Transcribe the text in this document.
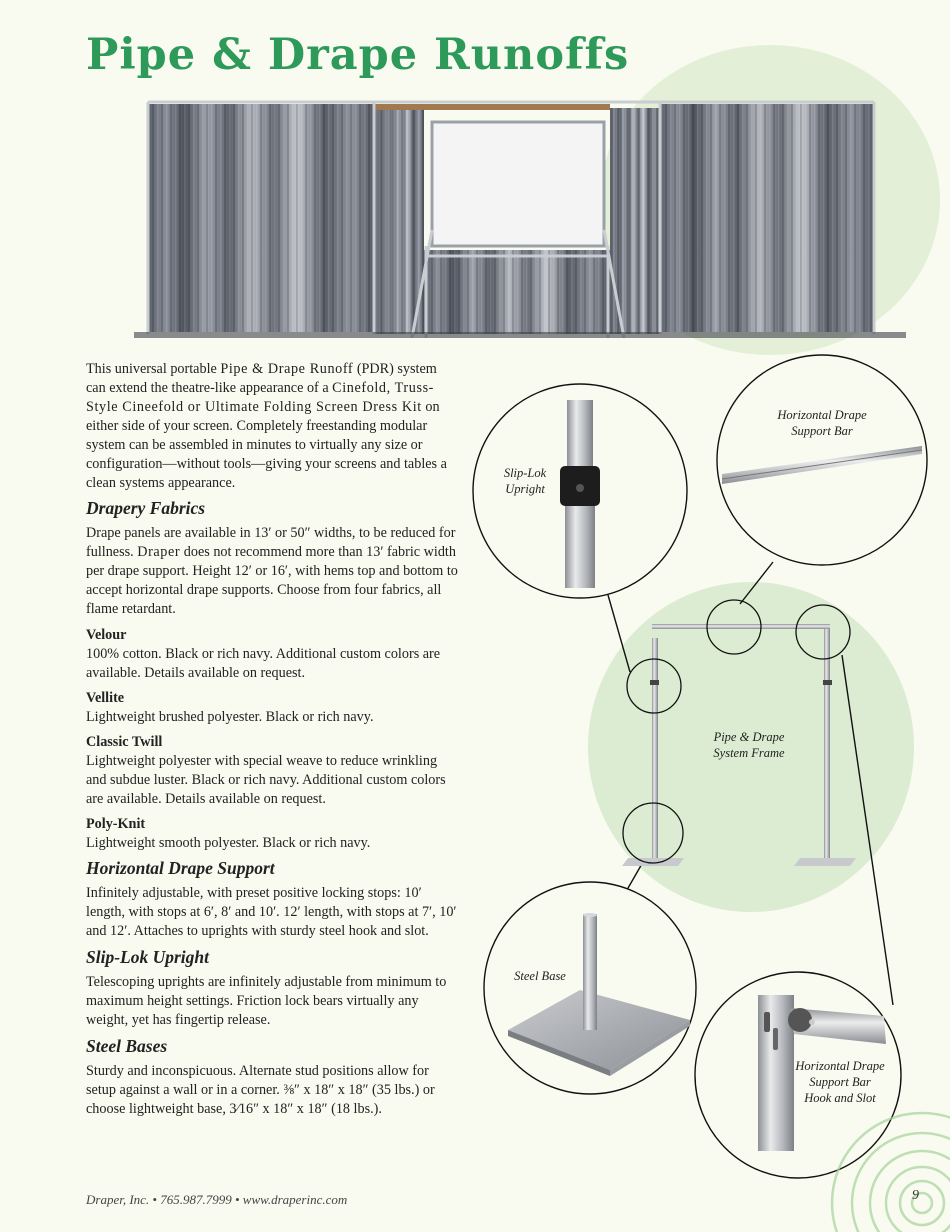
Pipe & Drape Runoffs

This universal portable Pipe & Drape Runoff (PDR) system can extend the theatre-like appearance of a Cinefold, Truss-Style Cineefold or Ultimate Folding Screen Dress Kit on either side of your screen. Completely freestanding modular system can be assembled in minutes to virtually any size or configuration—without tools—giving your screens and tables a clean systems appearance.

Drapery Fabrics

Drape panels are available in 13′ or 50″ widths, to be reduced for fullness. Draper does not recommend more than 13′ fabric width per drape support. Height 12′ or 16′, with hems top and bottom to accept horizontal drape supports. Choose from four fabrics, all flame retardant.

Velour
100% cotton. Black or rich navy. Additional custom colors are available. Details available on request.
Vellite
Lightweight brushed polyester. Black or rich navy.
Classic Twill
Lightweight polyester with special weave to reduce wrinkling and subdue luster. Black or rich navy. Additional custom colors are available. Details available on request.
Poly-Knit
Lightweight smooth polyester. Black or rich navy.
Horizontal Drape Support

Infinitely adjustable, with preset positive locking stops: 10′ length, with stops at 6′, 8′ and 10′. 12′ length, with stops at 7′, 10′ and 12′. Attaches to uprights with sturdy steel hook and slot.

Slip-Lok Upright

Telescoping uprights are infinitely adjustable from minimum to maximum height settings. Friction lock bears virtually any weight, yet has fingertip release.

Steel Bases

Sturdy and inconspicuous. Alternate stud positions allow for setup against a wall or in a corner. ⅜″ x 18″ x 18″ (35 lbs.) or choose lightweight base, 3⁄16″ x 18″ x 18″ (18 lbs.).

Slip-Lok
Upright
Horizontal Drape
Support Bar
Pipe & Drape
System Frame
Steel Base
Horizontal Drape
Support Bar
Hook and Slot
Draper, Inc. • 765.987.7999 • www.draperinc.com	9
